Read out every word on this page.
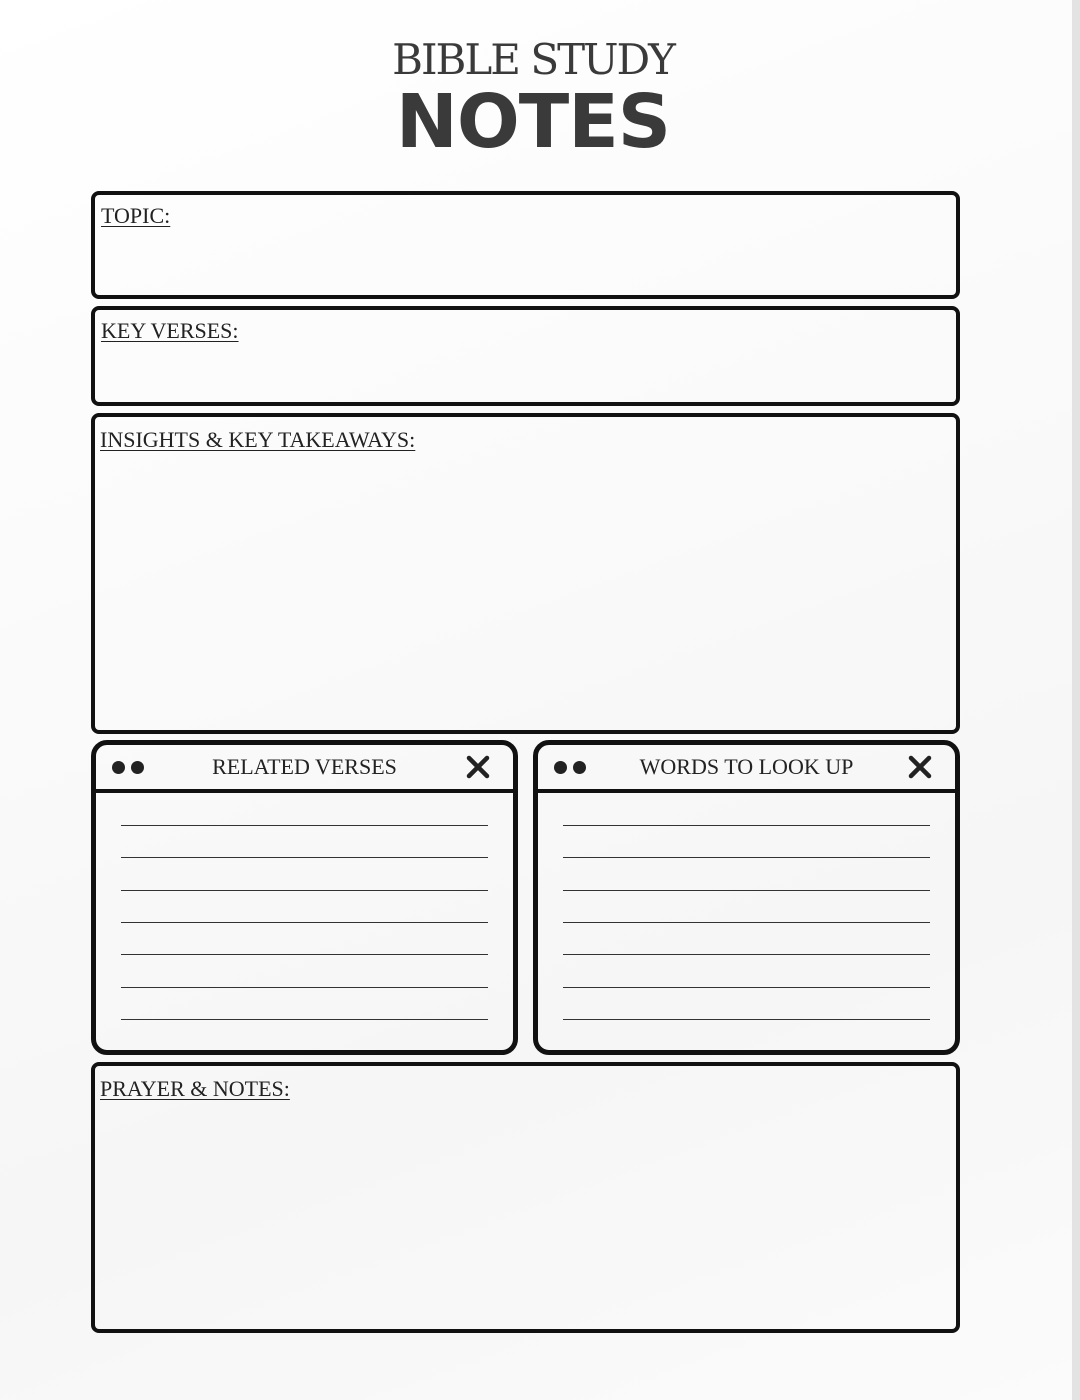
BIBLE STUDY
NOTES
TOPIC:
KEY VERSES:
INSIGHTS & KEY TAKEAWAYS:
RELATED VERSES	WORDS TO LOOK UP
PRAYER & NOTES:
